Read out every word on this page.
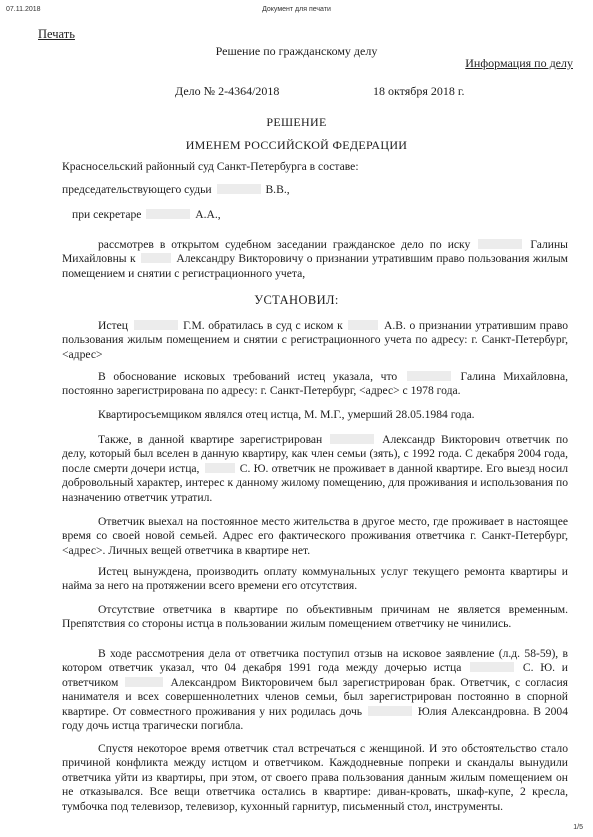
07.11.2018	Документ для печати
Печать
Решение по гражданскому делу
Информация по делу
Дело № 2-4364/2018	18 октября 2018 г.
РЕШЕНИЕ
ИМЕНЕМ РОССИЙСКОЙ ФЕДЕРАЦИИ
Красносельский районный суд Санкт-Петербурга в составе:
председательствующего судьи	В.В.,
при секретаре	А.А.,
рассмотрев в открытом судебном заседании гражданское дело по иску	Галины Михайловны к	Александру Викторовичу о признании утратившим право пользования жилым помещением и снятии с регистрационного учета,
УСТАНОВИЛ:
Истец	Г.М. обратилась в суд с иском к	А.В. о признании утратившим право пользования жилым помещением и снятии с регистрационного учета по адресу: г. Санкт-Петербург, <адрес>
В обоснование исковых требований истец указала, что	Галина Михайловна, постоянно зарегистрирована по адресу: г. Санкт-Петербург, <адрес> с 1978 года.
Квартиросъемщиком являлся отец истца, М. М.Г., умерший 28.05.1984 года.
Также, в данной квартире зарегистрирован	Александр Викторович ответчик по делу, который был вселен в данную квартиру, как член семьи (зять), с 1992 года. С декабря 2004 года, после смерти дочери истца,	С. Ю. ответчик не проживает в данной квартире. Его выезд носил добровольный характер, интерес к данному жилому помещению, для проживания и использования по назначению ответчик утратил.
Ответчик выехал на постоянное место жительства в другое место, где проживает в настоящее время со своей новой семьей. Адрес его фактического проживания ответчика г. Санкт-Петербург, <адрес>. Личных вещей ответчика в квартире нет.
Истец вынуждена, производить оплату коммунальных услуг текущего ремонта квартиры и найма за него на протяжении всего времени его отсутствия.
Отсутствие ответчика в квартире по объективным причинам не является временным. Препятствия со стороны истца в пользовании жилым помещением ответчику не чинились.
В ходе рассмотрения дела от ответчика поступил отзыв на исковое заявление (л.д. 58-59), в котором ответчик указал, что 04 декабря 1991 года между дочерью истца	С. Ю. и ответчиком	Александром Викторовичем был зарегистрирован брак. Ответчик, с согласия нанимателя и всех совершеннолетних членов семьи, был зарегистрирован постоянно в спорной квартире. От совместного проживания у них родилась дочь	Юлия Александровна. В 2004 году дочь истца трагически погибла.
Спустя некоторое время ответчик стал встречаться с женщиной. И это обстоятельство стало причиной конфликта между истцом и ответчиком. Каждодневные попреки и скандалы вынудили ответчика уйти из квартиры, при этом, от своего права пользования данным жилым помещением он не отказывался. Все вещи ответчика остались в квартире: диван-кровать, шкаф-купе, 2 кресла, тумбочка под телевизор, телевизор, кухонный гарнитур, письменный стол, инструменты.
1/5
